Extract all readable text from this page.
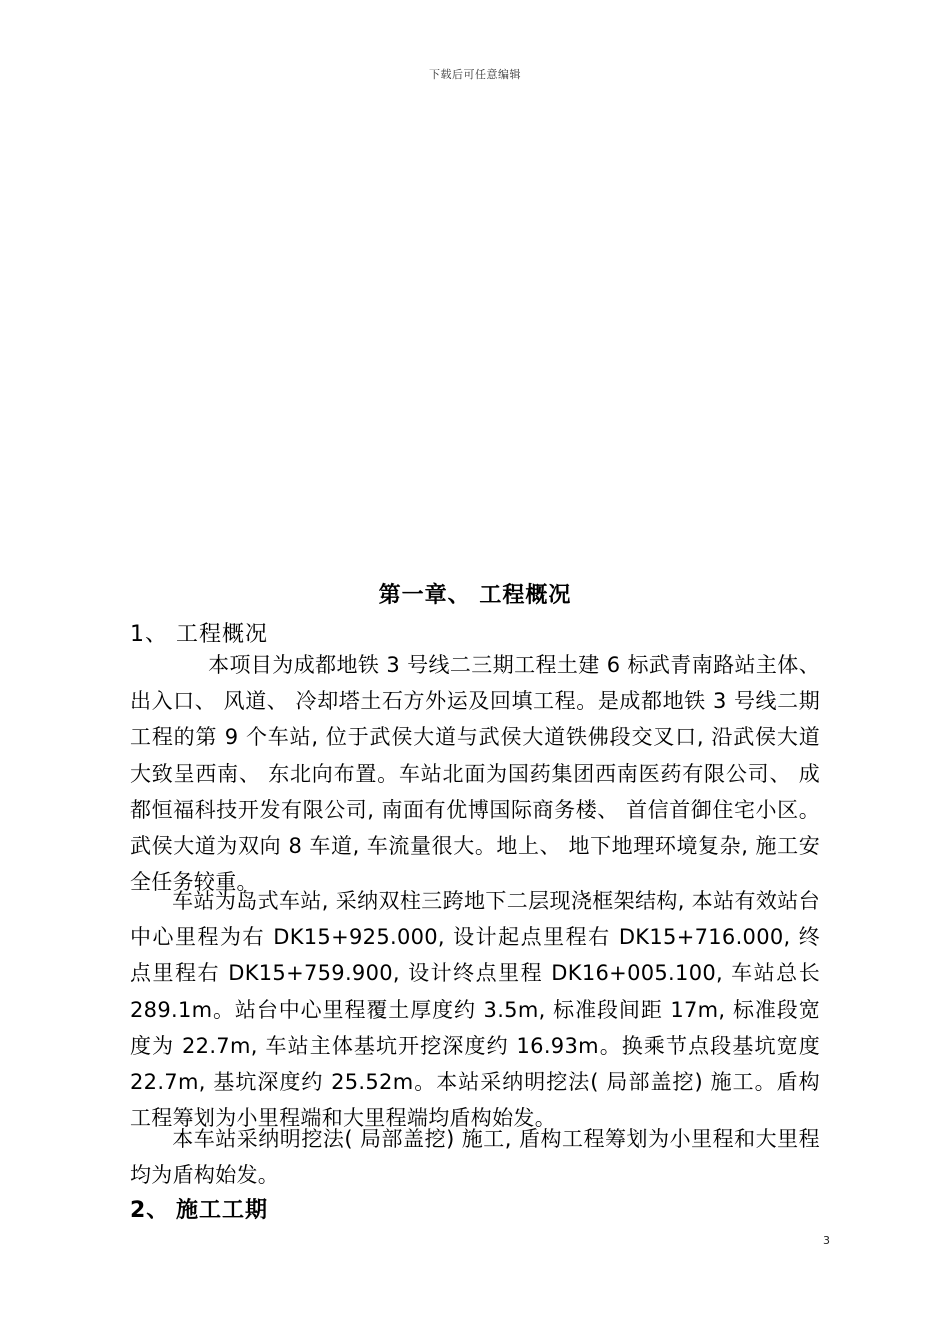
下载后可任意编辑
第一章、 工程概况
1、 工程概况
本项目为成都地铁 3 号线二三期工程土建 6 标武青南路站主体、 出入口、 风道、 冷却塔土石方外运及回填工程。是成都地铁 3 号线二期工程的第 9 个车站, 位于武侯大道与武侯大道铁佛段交叉口, 沿武侯大道大致呈西南、 东北向布置。车站北面为国药集团西南医药有限公司、 成都恒福科技开发有限公司, 南面有优博国际商务楼、 首信首御住宅小区。武侯大道为双向 8 车道, 车流量很大。地上、 地下地理环境复杂, 施工安全任务较重。
车站为岛式车站, 采纳双柱三跨地下二层现浇框架结构, 本站有效站台中心里程为右 DK15+925.000, 设计起点里程右 DK15+716.000, 终点里程右 DK15+759.900, 设计终点里程 DK16+005.100, 车站总长 289.1m。站台中心里程覆土厚度约 3.5m, 标准段间距 17m, 标准段宽度为 22.7m, 车站主体基坑开挖深度约 16.93m。换乘节点段基坑宽度 22.7m, 基坑深度约 25.52m。本站采纳明挖法( 局部盖挖) 施工。盾构工程筹划为小里程端和大里程端均盾构始发。
本车站采纳明挖法( 局部盖挖) 施工, 盾构工程筹划为小里程和大里程均为盾构始发。
2、 施工工期
3
